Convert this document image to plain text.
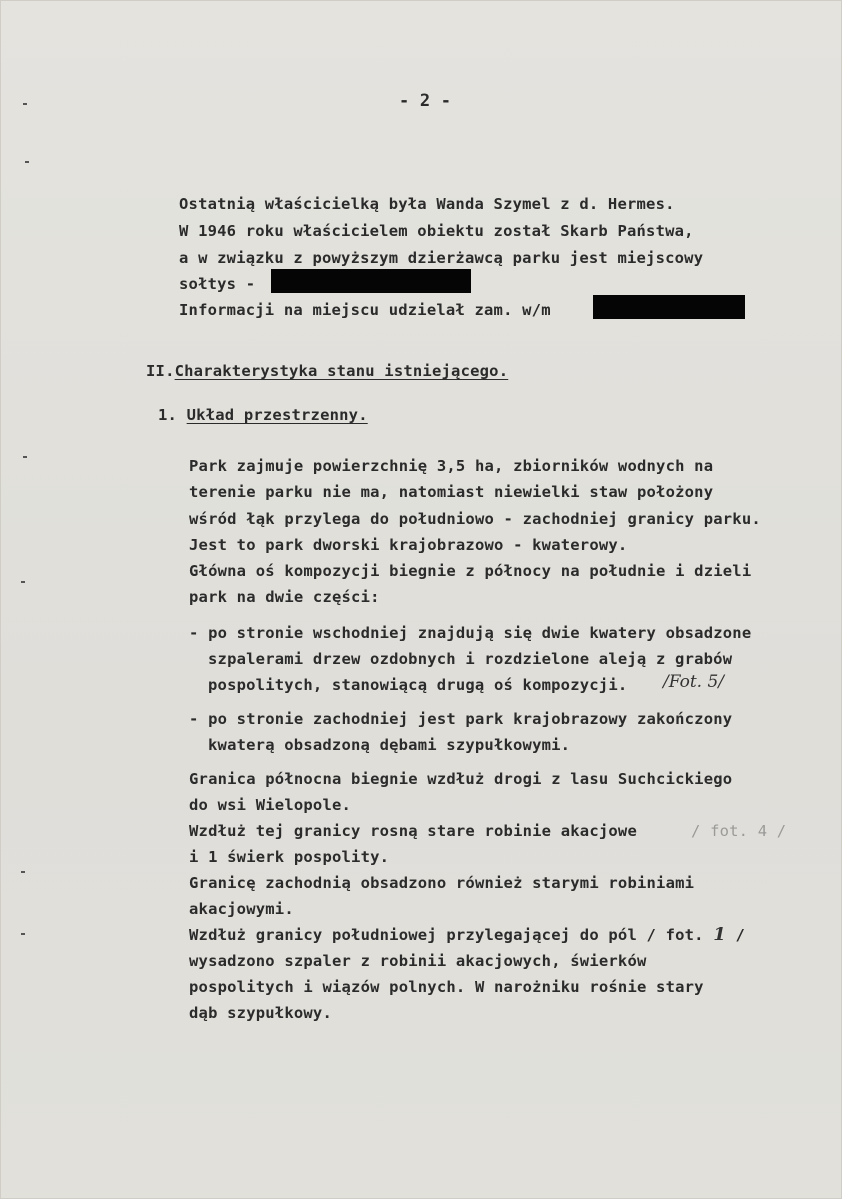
- 2 -
Ostatnią właścicielką była Wanda Szymel z d. Hermes.
W 1946 roku właścicielem obiektu został Skarb Państwa,
a w związku z powyższym dzierżawcą parku jest miejscowy
sołtys -
Informacji na miejscu udzielał zam. w/m
II.Charakterystyka stanu istniejącego.
1. Układ przestrzenny.
Park zajmuje powierzchnię 3,5 ha, zbiorników wodnych na
terenie parku nie ma, natomiast niewielki staw położony
wśród łąk przylega do południowo - zachodniej granicy parku.
Jest to park dworski krajobrazowo - kwaterowy.
Główna oś kompozycji biegnie z północy na południe i dzieli
park na dwie części:
- po stronie wschodniej znajdują się dwie kwatery obsadzone
szpalerami drzew ozdobnych i rozdzielone aleją z grabów
pospolitych, stanowiącą drugą oś kompozycji. /Fot. 5/
- po stronie zachodniej jest park krajobrazowy zakończony
kwaterą obsadzoną dębami szypułkowymi.
Granica północna biegnie wzdłuż drogi z lasu Suchcickiego
do wsi Wielopole.
Wzdłuż tej granicy rosną stare robinie akacjowe	/ fot. 4 /
i 1 świerk pospolity.
Granicę zachodnią obsadzono również starymi robiniami
akacjowymi.
Wzdłuż granicy południowej przylegającej do pól / fot. 1 /
wysadzono szpaler z robinii akacjowych, świerków
pospolitych i wiązów polnych. W narożniku rośnie stary
dąb szypułkowy.
